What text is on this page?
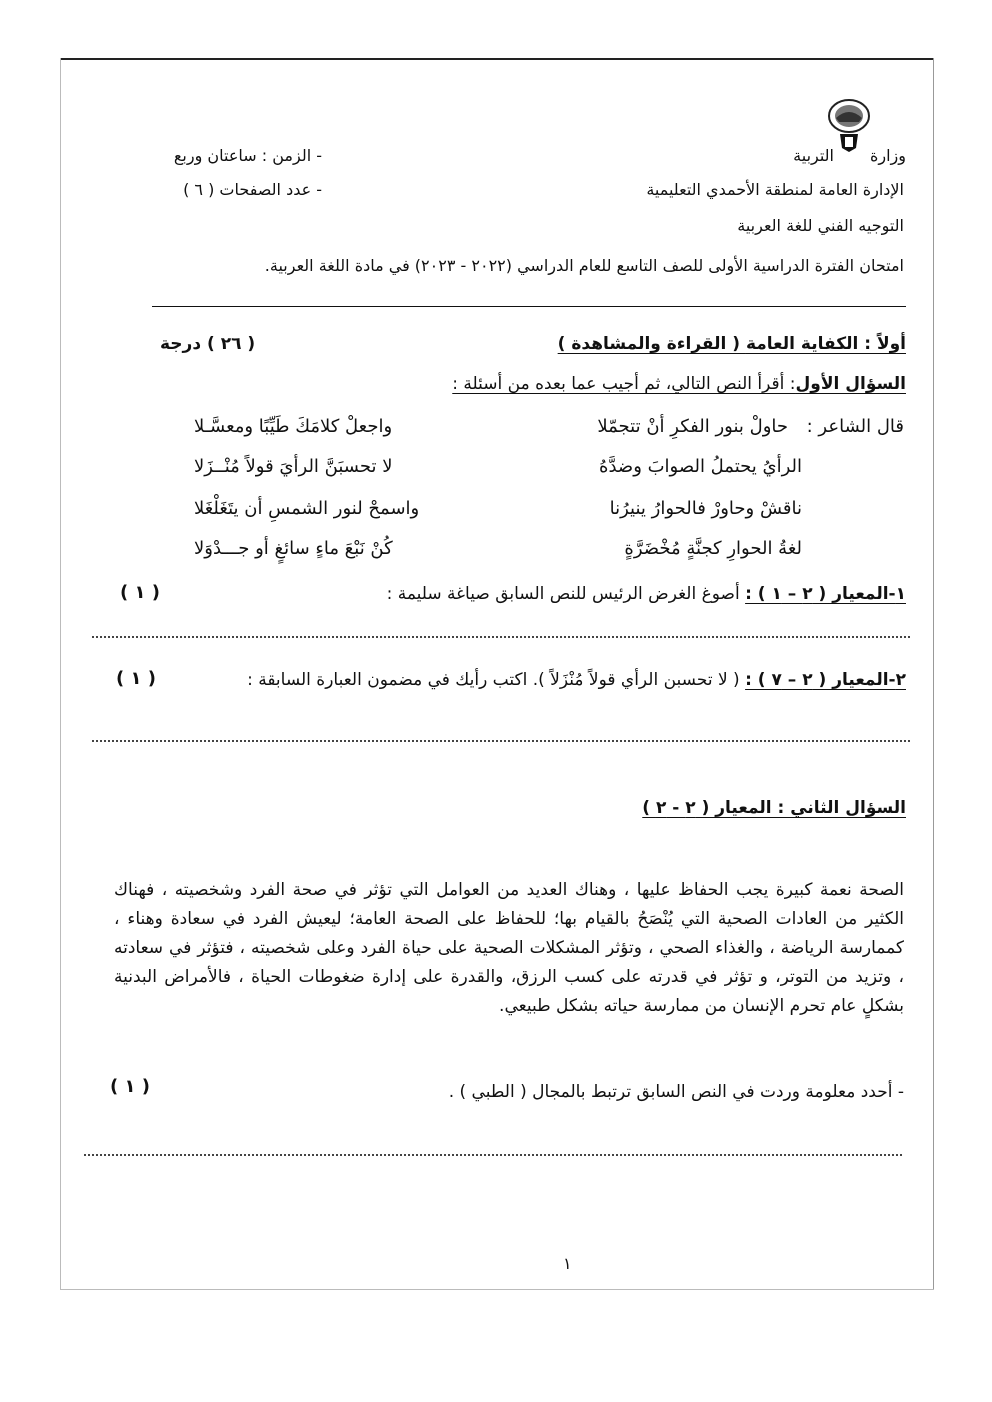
وزارة
التربية
الإدارة العامة لمنطقة الأحمدي التعليمية
التوجيه الفني للغة العربية
امتحان الفترة الدراسية الأولى للصف التاسع للعام الدراسي (٢٠٢٢ - ٢٠٢٣) في مادة اللغة العربية.
- الزمن : ساعتان وربع
- عدد الصفحات ( ٦ )
أولاً : الكفاية العامة ( القراءة والمشاهدة )
( ٢٦ ) درجة
السؤال الأول: أقرأ النص التالي، ثم أجيب عما بعده من أسئلة :
قال الشاعر :
حاولْ بنور الفكرِ أنْ تتجمّلا
واجعلْ كلامَكَ طَيِّبًا ومعسَّـلا
الرأيُ يحتملُ الصوابَ وضدَّهُ
لا تحسبَنَّ الرأيَ قولاً مُنْــزَلا
ناقشْ وحاورْ فالحوارُ ينيرُنا
واسمحْ لنور الشمسِ أن يتَغَلْغَلا
لغةُ الحوارِ كجنَّةٍ مُخْضَرَّةٍ
كُنْ نَبْعَ ماءٍ سائغٍ أو جـــدْوَلا
١-المعيار ( ٢ – ١ ) : أصوغ الغرض الرئيس للنص السابق صياغة سليمة :
( ١ )
٢-المعيار ( ٢ – ٧ ) : ( لا تحسبن الرأي قولاً مُنْزَلاً ). اكتب رأيك في مضمون العبارة السابقة :
( ١ )
السؤال الثاني : المعيار ( ٢ - ٢ )
الصحة نعمة كبيرة يجب الحفاظ عليها ، وهناك العديد من العوامل التي تؤثر في صحة الفرد وشخصيته ، فهناك الكثير من العادات الصحية التي يُنْصَحُ بالقيام بها؛ للحفاظ على الصحة العامة؛ ليعيش الفرد في سعادة وهناء ، كممارسة الرياضة ، والغذاء الصحي ، وتؤثر المشكلات الصحية على حياة الفرد وعلى شخصيته ، فتؤثر في سعادته ، وتزيد من التوتر، و تؤثر في قدرته على كسب الرزق، والقدرة على إدارة ضغوطات الحياة ، فالأمراض البدنية بشكلٍ عام تحرم الإنسان من ممارسة حياته بشكل طبيعي.
- أحدد معلومة وردت في النص السابق ترتبط بالمجال ( الطبي ) .
( ١ )
١
